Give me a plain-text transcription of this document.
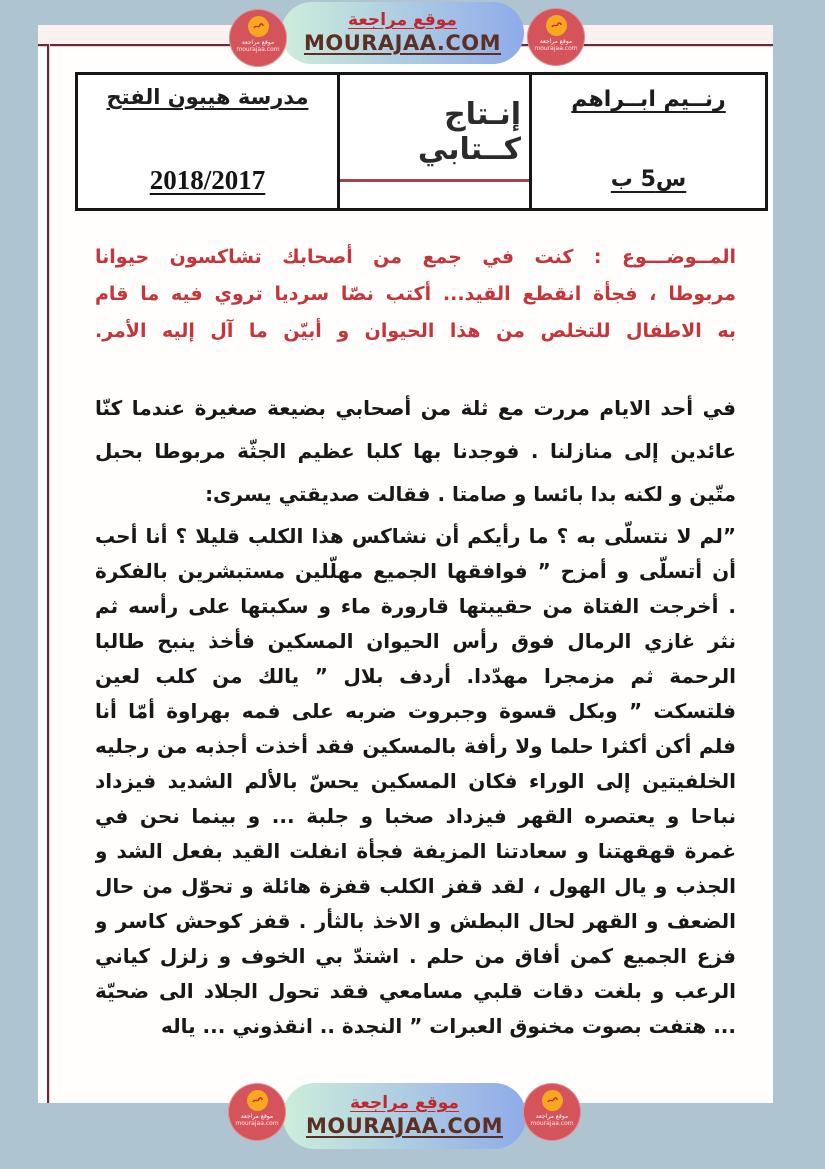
رنــيم ابــراهم
س5 ب
إنـتاج كــتابي
مدرسة هيبون الفتح
2018/2017
المــوضـــوع : كنت في جمع من أصحابك تشاكسون حيوانا
مربوطا ، فجأة انقطع القيد... أكتب نصّا سرديا تروي فيه ما قام
به الاطفال للتخلص من هذا الحيوان و أبيّن ما آل إليه الأمر.
في أحد الايام مررت مع ثلة من أصحابي بضيعة صغيرة عندما كنّا
عائدين إلى منازلنا . فوجدنا بها كلبا عظيم الجثّة مربوطا بحبل
متّين و لكنه بدا بائسا و صامتا . فقالت صديقتي يسرى:
”لم لا نتسلّى به ؟ ما رأيكم أن نشاكس هذا الكلب قليلا ؟ أنا أحب
أن أتسلّى و أمزح ” فوافقها الجميع مهلّلين مستبشرين بالفكرة
. أخرجت الفتاة من حقيبتها قارورة ماء و سكبتها على رأسه ثم
نثر غازي الرمال فوق رأس الحيوان المسكين فأخذ ينبح طالبا
الرحمة ثم مزمجرا مهدّدا. أردف بلال ” يالك من كلب لعين
فلتسكت ” وبكل قسوة وجبروت ضربه على فمه بهراوة أمّا أنا
فلم أكن أكثرا حلما ولا رأفة بالمسكين فقد أخذت أجذبه من رجليه
الخلفيتين إلى الوراء فكان المسكين يحسّ بالألم الشديد فيزداد
نباحا و يعتصره القهر فيزداد صخبا و جلبة ... و بينما نحن في
غمرة قهقهتنا و سعادتنا المزيفة فجأة انفلت القيد بفعل الشد و
الجذب و يال الهول ، لقد قفز الكلب قفزة هائلة و تحوّل من حال
الضعف و القهر لحال البطش و الاخذ بالثأر . قفز كوحش كاسر و
فزع الجميع كمن أفاق من حلم . اشتدّ بي الخوف و زلزل كياني
الرعب و بلغت دقات قلبي مسامعي فقد تحول الجلاد الى ضحيّة
... هتفت بصوت مخنوق العبرات ” النجدة .. انقذوني ... ياله
موقع مراجعة
MOURAJAA.COM
موقع مراجعة
MOURAJAA.COM
موقع مراجعة
mourajaa.com
موقع مراجعة
mourajaa.com
موقع مراجعة
mourajaa.com
موقع مراجعة
mourajaa.com
